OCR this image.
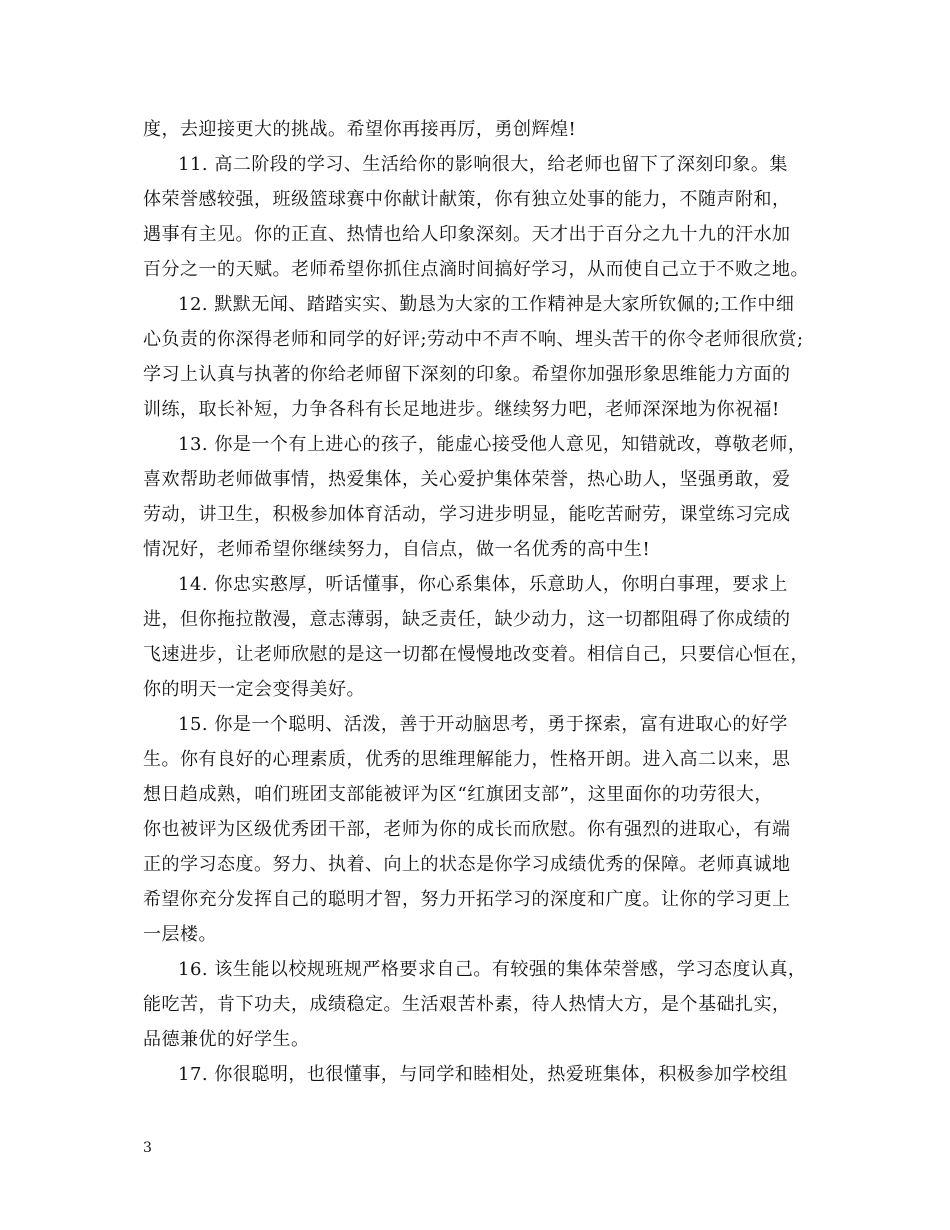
度，去迎接更大的挑战。希望你再接再厉，勇创辉煌!
11. 高二阶段的学习、生活给你的影响很大，给老师也留下了深刻印象。集
体荣誉感较强，班级篮球赛中你献计献策，你有独立处事的能力，不随声附和，
遇事有主见。你的正直、热情也给人印象深刻。天才出于百分之九十九的汗水加
百分之一的天赋。老师希望你抓住点滴时间搞好学习，从而使自己立于不败之地。
12. 默默无闻、踏踏实实、勤恳为大家的工作精神是大家所钦佩的;工作中细
心负责的你深得老师和同学的好评;劳动中不声不响、埋头苦干的你令老师很欣赏;
学习上认真与执著的你给老师留下深刻的印象。希望你加强形象思维能力方面的
训练，取长补短，力争各科有长足地进步。继续努力吧，老师深深地为你祝福!
13. 你是一个有上进心的孩子，能虚心接受他人意见，知错就改，尊敬老师，
喜欢帮助老师做事情，热爱集体，关心爱护集体荣誉，热心助人，坚强勇敢，爱
劳动，讲卫生，积极参加体育活动，学习进步明显，能吃苦耐劳，课堂练习完成
情况好，老师希望你继续努力，自信点，做一名优秀的高中生!
14. 你忠实憨厚，听话懂事，你心系集体，乐意助人，你明白事理，要求上
进，但你拖拉散漫，意志薄弱，缺乏责任，缺少动力，这一切都阻碍了你成绩的
飞速进步，让老师欣慰的是这一切都在慢慢地改变着。相信自己，只要信心恒在，
你的明天一定会变得美好。
15. 你是一个聪明、活泼，善于开动脑思考，勇于探索，富有进取心的好学
生。你有良好的心理素质，优秀的思维理解能力，性格开朗。进入高二以来，思
想日趋成熟，咱们班团支部能被评为区“红旗团支部”，这里面你的功劳很大，
你也被评为区级优秀团干部，老师为你的成长而欣慰。你有强烈的进取心，有端
正的学习态度。努力、执着、向上的状态是你学习成绩优秀的保障。老师真诚地
希望你充分发挥自己的聪明才智，努力开拓学习的深度和广度。让你的学习更上
一层楼。
16. 该生能以校规班规严格要求自己。有较强的集体荣誉感，学习态度认真，
能吃苦，肯下功夫，成绩稳定。生活艰苦朴素，待人热情大方，是个基础扎实，
品德兼优的好学生。
17. 你很聪明，也很懂事，与同学和睦相处，热爱班集体，积极参加学校组
3
